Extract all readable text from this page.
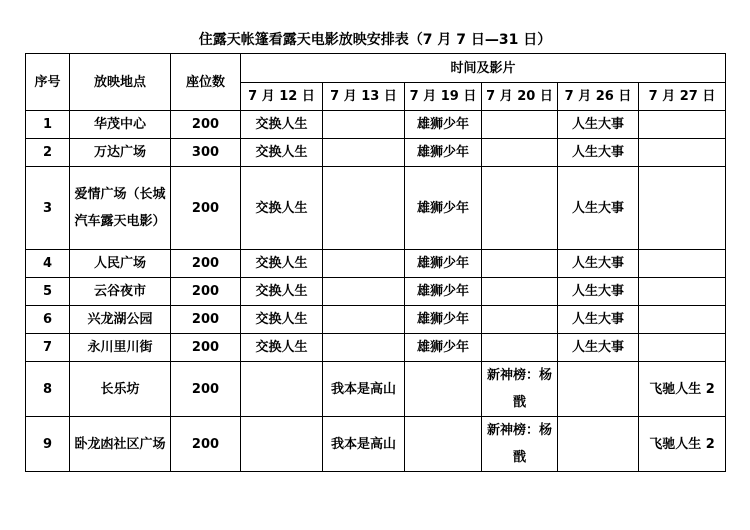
住露天帐篷看露天电影放映安排表（7 月 7 日—31 日）
序号	放映地点	座位数	时间及影片					
			7 月 12 日	7 月 13 日	7 月 19 日	7 月 20 日	7 月 26 日	7 月 27 日
1	华茂中心	200	交换人生		雄狮少年		人生大事	
2	万达广场	300	交换人生		雄狮少年		人生大事	
3	爱情广场（长城汽车露天电影）	200	交换人生		雄狮少年		人生大事	
4	人民广场	200	交换人生		雄狮少年		人生大事	
5	云谷夜市	200	交换人生		雄狮少年		人生大事	
6	兴龙湖公园	200	交换人生		雄狮少年		人生大事	
7	永川里川街	200	交换人生		雄狮少年		人生大事	
8	长乐坊	200		我本是高山		新神榜：杨戬		飞驰人生 2
9	卧龙凼社区广场	200		我本是高山		新神榜：杨戬		飞驰人生 2
